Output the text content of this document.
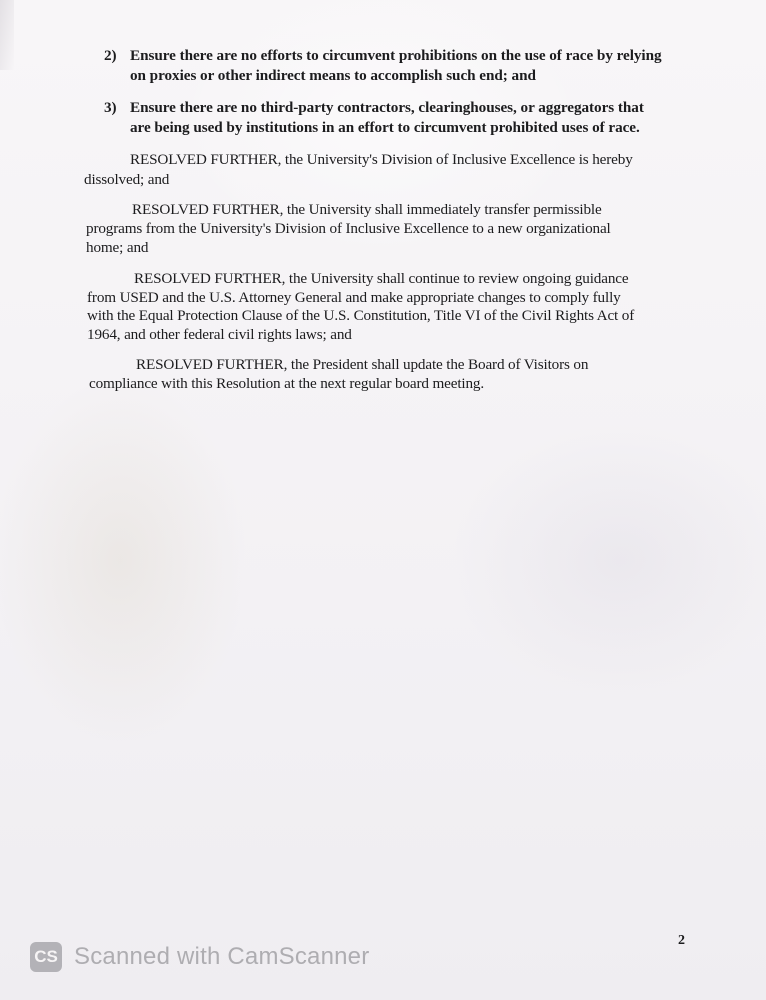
2) Ensure there are no efforts to circumvent prohibitions on the use of race by relying
on proxies or other indirect means to accomplish such end; and
3) Ensure there are no third-party contractors, clearinghouses, or aggregators that
are being used by institutions in an effort to circumvent prohibited uses of race.
RESOLVED FURTHER, the University's Division of Inclusive Excellence is hereby
dissolved; and
RESOLVED FURTHER, the University shall immediately transfer permissible
programs from the University's Division of Inclusive Excellence to a new organizational
home; and
RESOLVED FURTHER, the University shall continue to review ongoing guidance
from USED and the U.S. Attorney General and make appropriate changes to comply fully
with the Equal Protection Clause of the U.S. Constitution, Title VI of the Civil Rights Act of
1964, and other federal civil rights laws; and
RESOLVED FURTHER, the President shall update the Board of Visitors on
compliance with this Resolution at the next regular board meeting.
2
CS Scanned with CamScanner
